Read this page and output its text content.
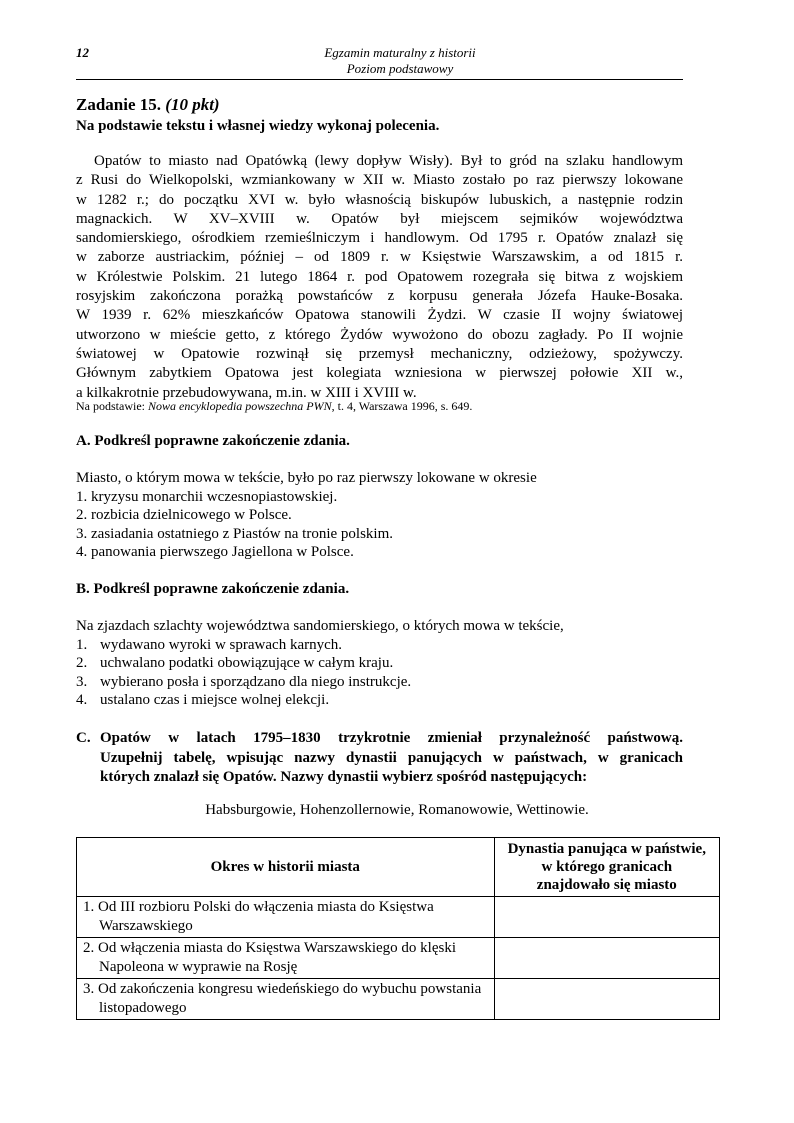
12	Egzamin maturalny z historii
Poziom podstawowy
Zadanie 15. (10 pkt)
Na podstawie tekstu i własnej wiedzy wykonaj polecenia.
Opatów to miasto nad Opatówką (lewy dopływ Wisły). Był to gród na szlaku handlowym
z Rusi do Wielkopolski, wzmiankowany w XII w. Miasto zostało po raz pierwszy lokowane
w 1282 r.; do początku XVI w. było własnością biskupów lubuskich, a następnie rodzin
magnackich. W XV–XVIII w. Opatów był miejscem sejmików województwa
sandomierskiego, ośrodkiem rzemieślniczym i handlowym. Od 1795 r. Opatów znalazł się
w zaborze austriackim, później – od 1809 r. w Księstwie Warszawskim, a od 1815 r.
w Królestwie Polskim. 21 lutego 1864 r. pod Opatowem rozegrała się bitwa z wojskiem
rosyjskim zakończona porażką powstańców z korpusu generała Józefa Hauke-Bosaka.
W 1939 r. 62% mieszkańców Opatowa stanowili Żydzi. W czasie II wojny światowej
utworzono w mieście getto, z którego Żydów wywożono do obozu zagłady. Po II wojnie
światowej w Opatowie rozwinął się przemysł mechaniczny, odzieżowy, spożywczy.
Głównym zabytkiem Opatowa jest kolegiata wzniesiona w pierwszej połowie XII w.,
a kilkakrotnie przebudowywana, m.in. w XIII i XVIII w.
Na podstawie: Nowa encyklopedia powszechna PWN, t. 4, Warszawa 1996, s. 649.
A. Podkreśl poprawne zakończenie zdania.
Miasto, o którym mowa w tekście, było po raz pierwszy lokowane w okresie
1. kryzysu monarchii wczesnopiastowskiej.
2. rozbicia dzielnicowego w Polsce.
3. zasiadania ostatniego z Piastów na tronie polskim.
4. panowania pierwszego Jagiellona w Polsce.
B. Podkreśl poprawne zakończenie zdania.
Na zjazdach szlachty województwa sandomierskiego, o których mowa w tekście,
1. wydawano wyroki w sprawach karnych.
2. uchwalano podatki obowiązujące w całym kraju.
3. wybierano posła i sporządzano dla niego instrukcje.
4. ustalano czas i miejsce wolnej elekcji.
C. Opatów w latach 1795–1830 trzykrotnie zmieniał przynależność państwową.
Uzupełnij tabelę, wpisując nazwy dynastii panujących w państwach, w granicach
których znalazł się Opatów. Nazwy dynastii wybierz spośród następujących:
Habsburgowie, Hohenzollernowie, Romanowowie, Wettinowie.
Okres w historii miasta	Dynastia panująca w państwie,
w którego granicach
znajdowało się miasto

1. Od III rozbioru Polski do włączenia miasta do Księstwa Warszawskiego	

2. Od włączenia miasta do Księstwa Warszawskiego do klęski Napoleona w wyprawie na Rosję	

3. Od zakończenia kongresu wiedeńskiego do wybuchu powstania listopadowego	
